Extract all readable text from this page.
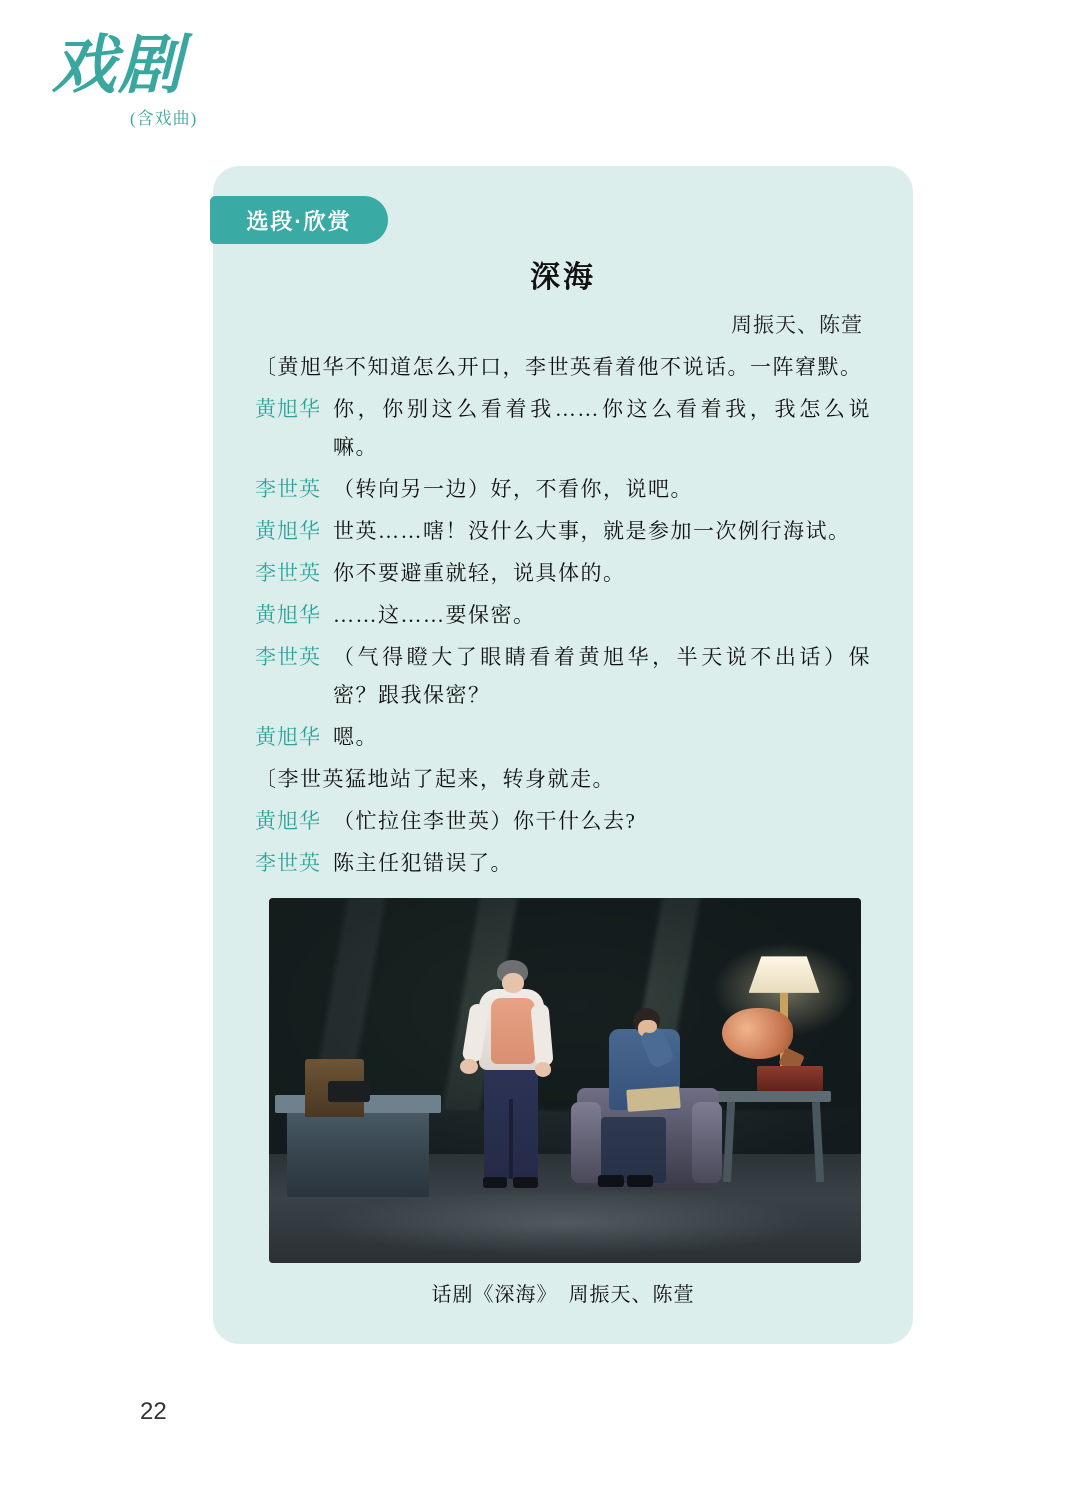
戏剧
(含戏曲)
选段·欣赏
深海
周振天、陈萱
〔黄旭华不知道怎么开口，李世英看着他不说话。一阵窘默。
黄旭华 你，你别这么看着我……你这么看着我，我怎么说嘛。
李世英 （转向另一边）好，不看你，说吧。
黄旭华 世英……嗐！没什么大事，就是参加一次例行海试。
李世英 你不要避重就轻，说具体的。
黄旭华 ……这……要保密。
李世英 （气得瞪大了眼睛看着黄旭华，半天说不出话）保密？跟我保密？
黄旭华 嗯。
〔李世英猛地站了起来，转身就走。
黄旭华 （忙拉住李世英）你干什么去?
李世英 陈主任犯错误了。
话剧《深海》　周振天、陈萱
22
